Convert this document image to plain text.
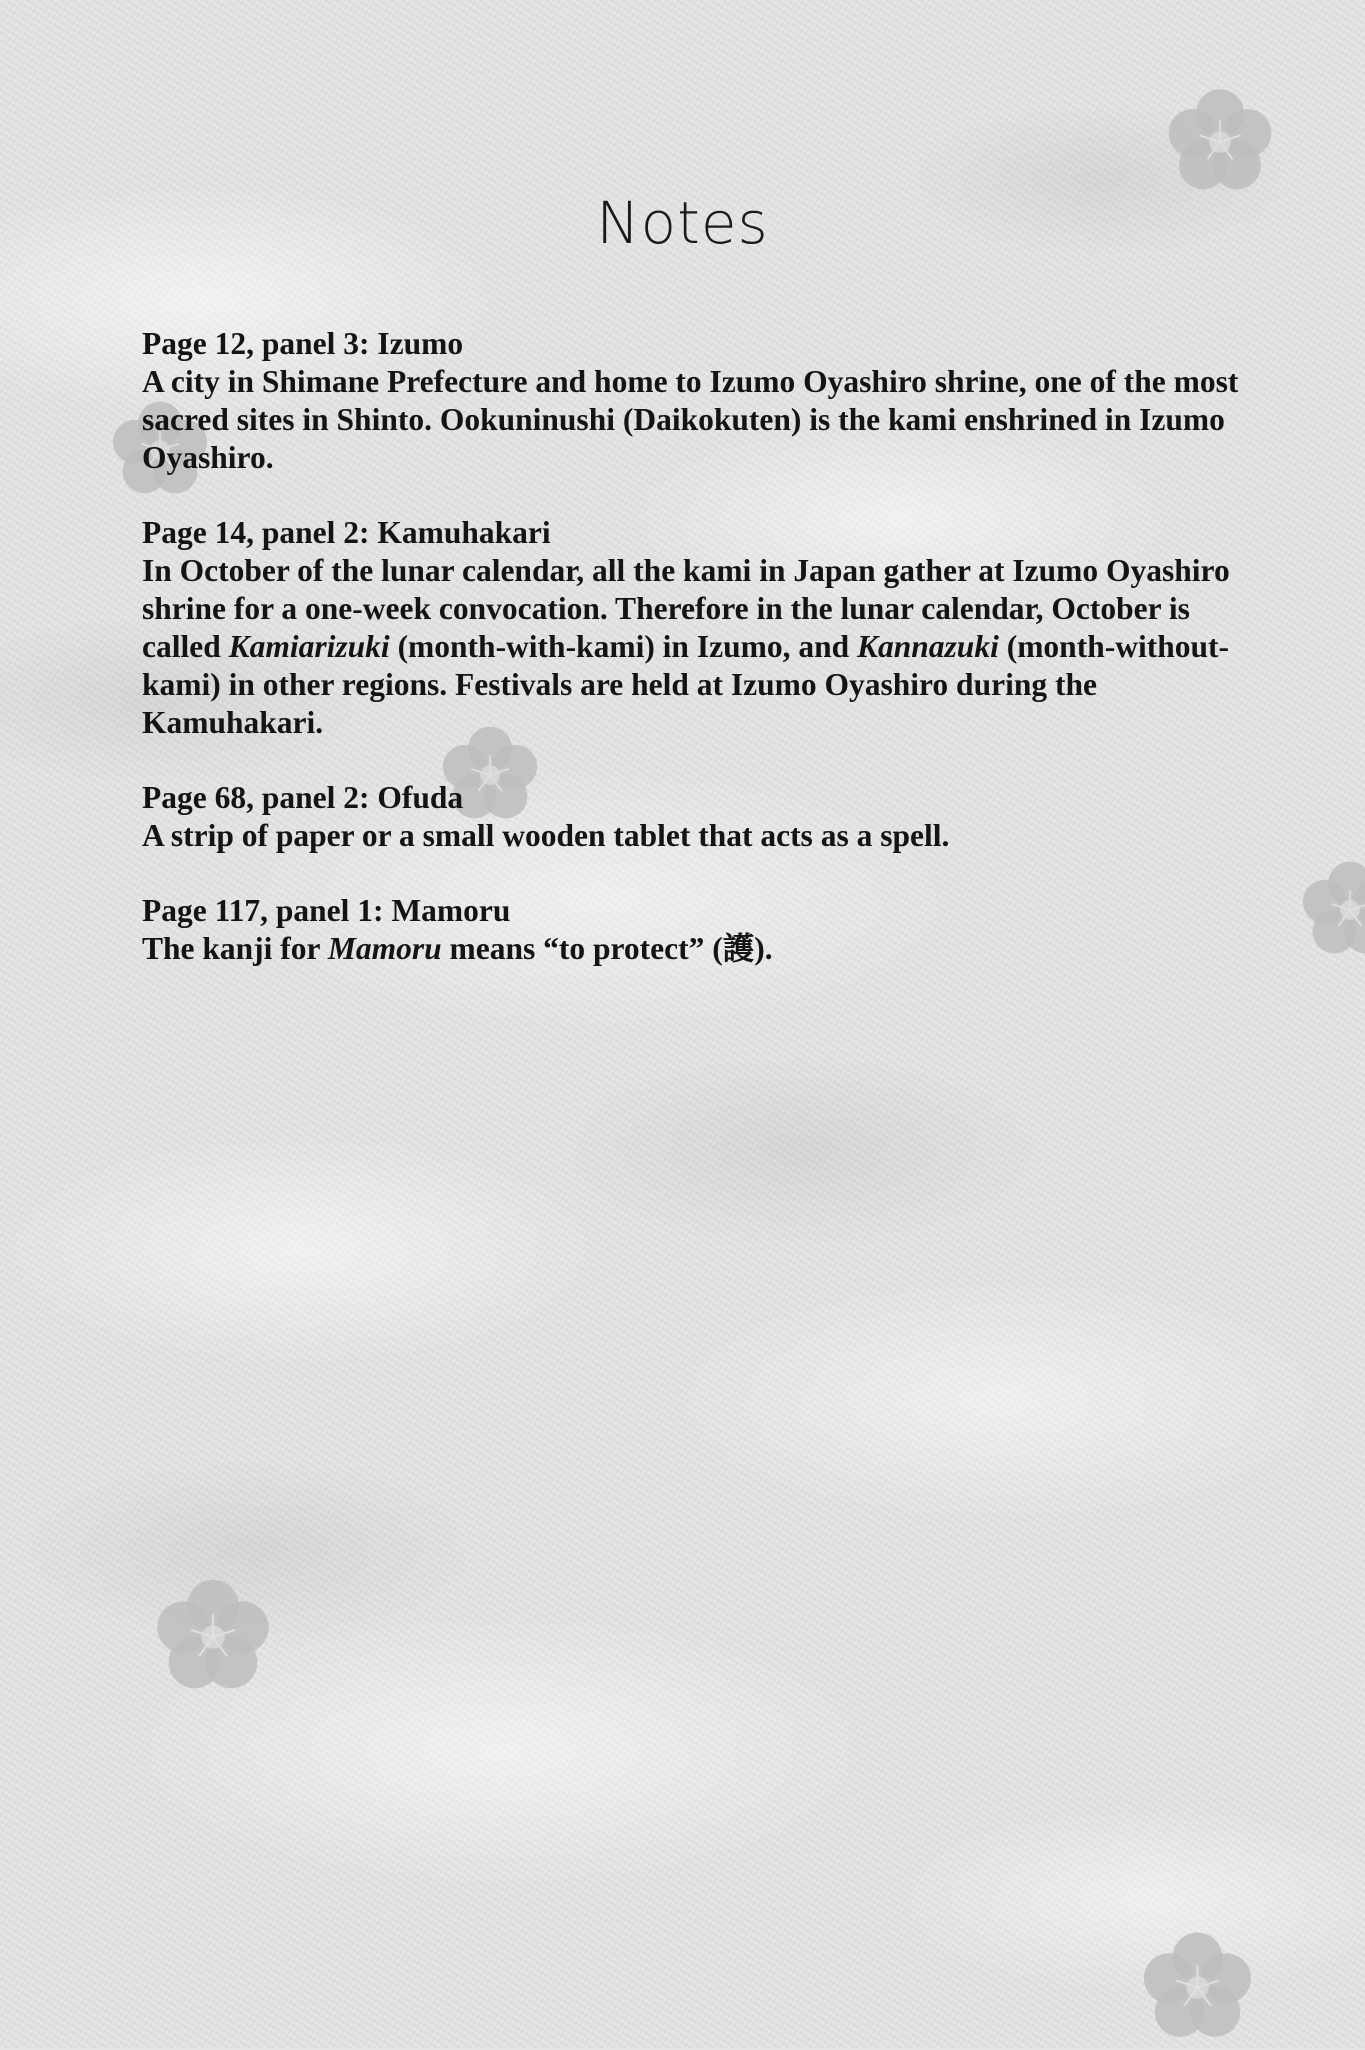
Notes

Page 12, panel 3: Izumo

A city in Shimane Prefecture and home to Izumo Oyashiro shrine, one of the most sacred sites in Shinto. Ookuninushi (Daikokuten) is the kami enshrined in Izumo Oyashiro.

Page 14, panel 2: Kamuhakari

In October of the lunar calendar, all the kami in Japan gather at Izumo Oyashiro shrine for a one-week convocation. Therefore in the lunar calendar, October is called Kamiarizuki (month-with-kami) in Izumo, and Kannazuki (month-without-kami) in other regions. Festivals are held at Izumo Oyashiro during the Kamuhakari.

Page 68, panel 2: Ofuda

A strip of paper or a small wooden tablet that acts as a spell.

Page 117, panel 1: Mamoru

The kanji for Mamoru means “to protect” (護).
